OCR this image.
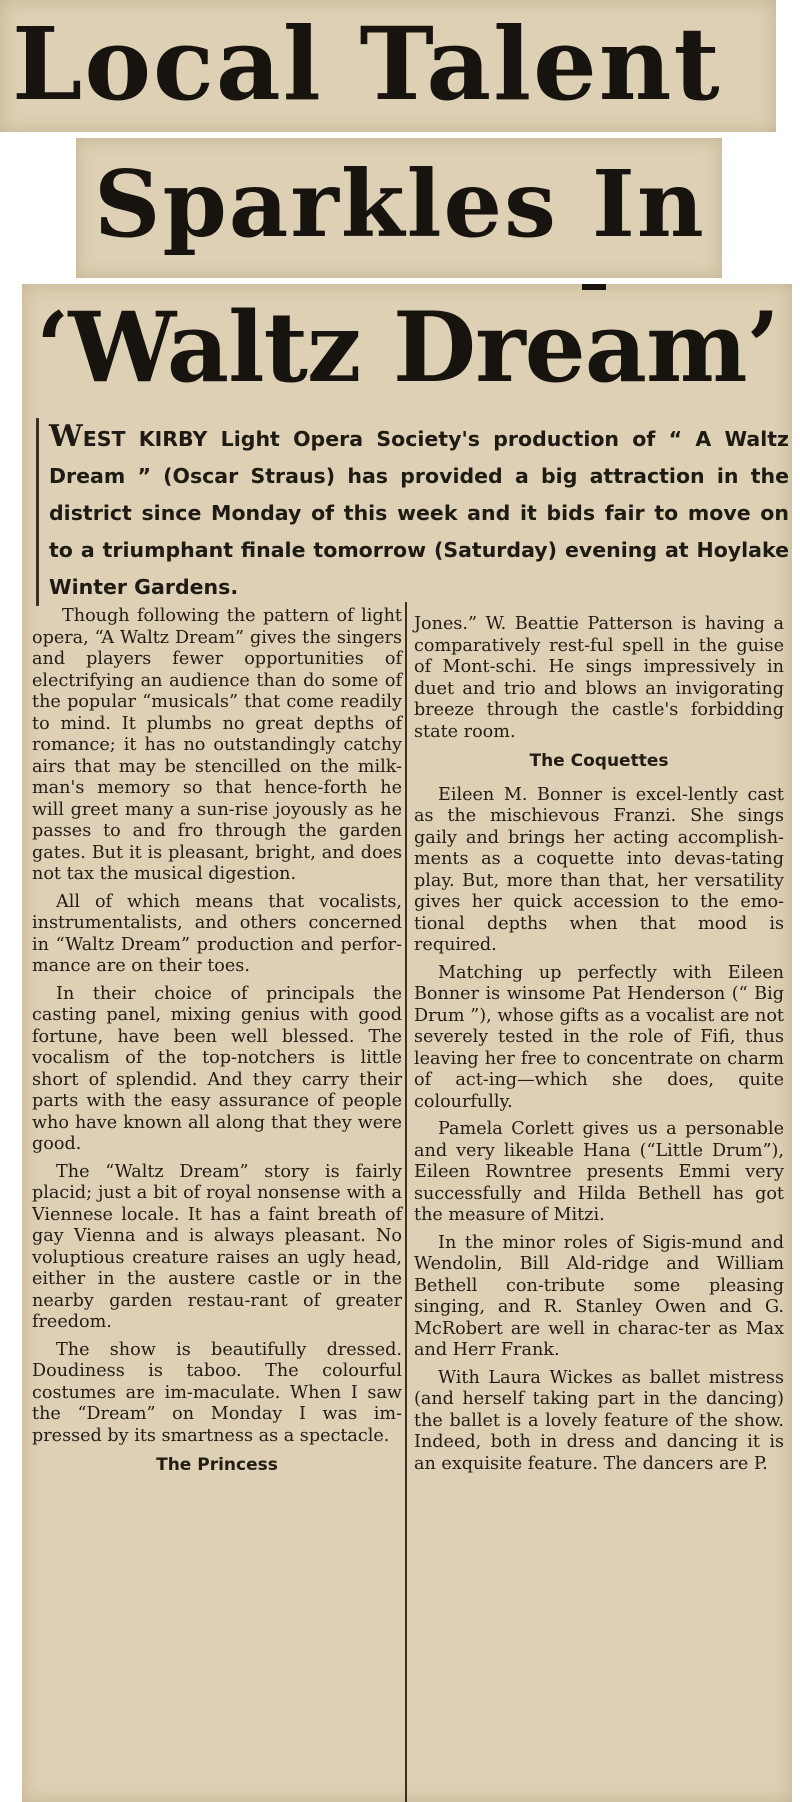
Local Talent
Sparkles In
‘Waltz Dream’
WEST KIRBY Light Opera Society's production of “ A Waltz Dream ” (Oscar Straus) has provided a big attraction in the district since Monday of this week and it bids fair to move on to a triumphant finale tomorrow (Saturday) evening at Hoylake Winter Gardens.

Though following the pattern of light opera, “A Waltz Dream” gives the singers and players fewer opportunities of electrifying an audience than do some of the popular “musicals” that come readily to mind. It plumbs no great depths of romance; it has no outstandingly catchy airs that may be stencilled on the milk-man's memory so that hence-forth he will greet many a sun-rise joyously as he passes to and fro through the garden gates. But it is pleasant, bright, and does not tax the musical digestion.

All of which means that vocalists, instrumentalists, and others concerned in “Waltz Dream” production and perfor-mance are on their toes.

In their choice of principals the casting panel, mixing genius with good fortune, have been well blessed. The vocalism of the top-notchers is little short of splendid. And they carry their parts with the easy assurance of people who have known all along that they were good.

The “Waltz Dream” story is fairly placid; just a bit of royal nonsense with a Viennese locale. It has a faint breath of gay Vienna and is always pleasant. No voluptious creature raises an ugly head, either in the austere castle or in the nearby garden restau-rant of greater freedom.

The show is beautifully dressed. Doudiness is taboo. The colourful costumes are im-maculate. When I saw the “Dream” on Monday I was im-pressed by its smartness as a spectacle.

The Princess

Jones.” W. Beattie Patterson is having a comparatively rest-ful spell in the guise of Mont-schi. He sings impressively in duet and trio and blows an invigorating breeze through the castle's forbidding state room.

The Coquettes

Eileen M. Bonner is excel-lently cast as the mischievous Franzi. She sings gaily and brings her acting accomplish-ments as a coquette into devas-tating play. But, more than that, her versatility gives her quick accession to the emo-tional depths when that mood is required.

Matching up perfectly with Eileen Bonner is winsome Pat Henderson (“ Big Drum ”), whose gifts as a vocalist are not severely tested in the role of Fifi, thus leaving her free to concentrate on charm of act-ing—which she does, quite colourfully.

Pamela Corlett gives us a personable and very likeable Hana (“Little Drum”), Eileen Rowntree presents Emmi very successfully and Hilda Bethell has got the measure of Mitzi.

In the minor roles of Sigis-mund and Wendolin, Bill Ald-ridge and William Bethell con-tribute some pleasing singing, and R. Stanley Owen and G. McRobert are well in charac-ter as Max and Herr Frank.

With Laura Wickes as ballet mistress (and herself taking part in the dancing) the ballet is a lovely feature of the show. Indeed, both in dress and dancing it is an exquisite feature. The dancers are P.
